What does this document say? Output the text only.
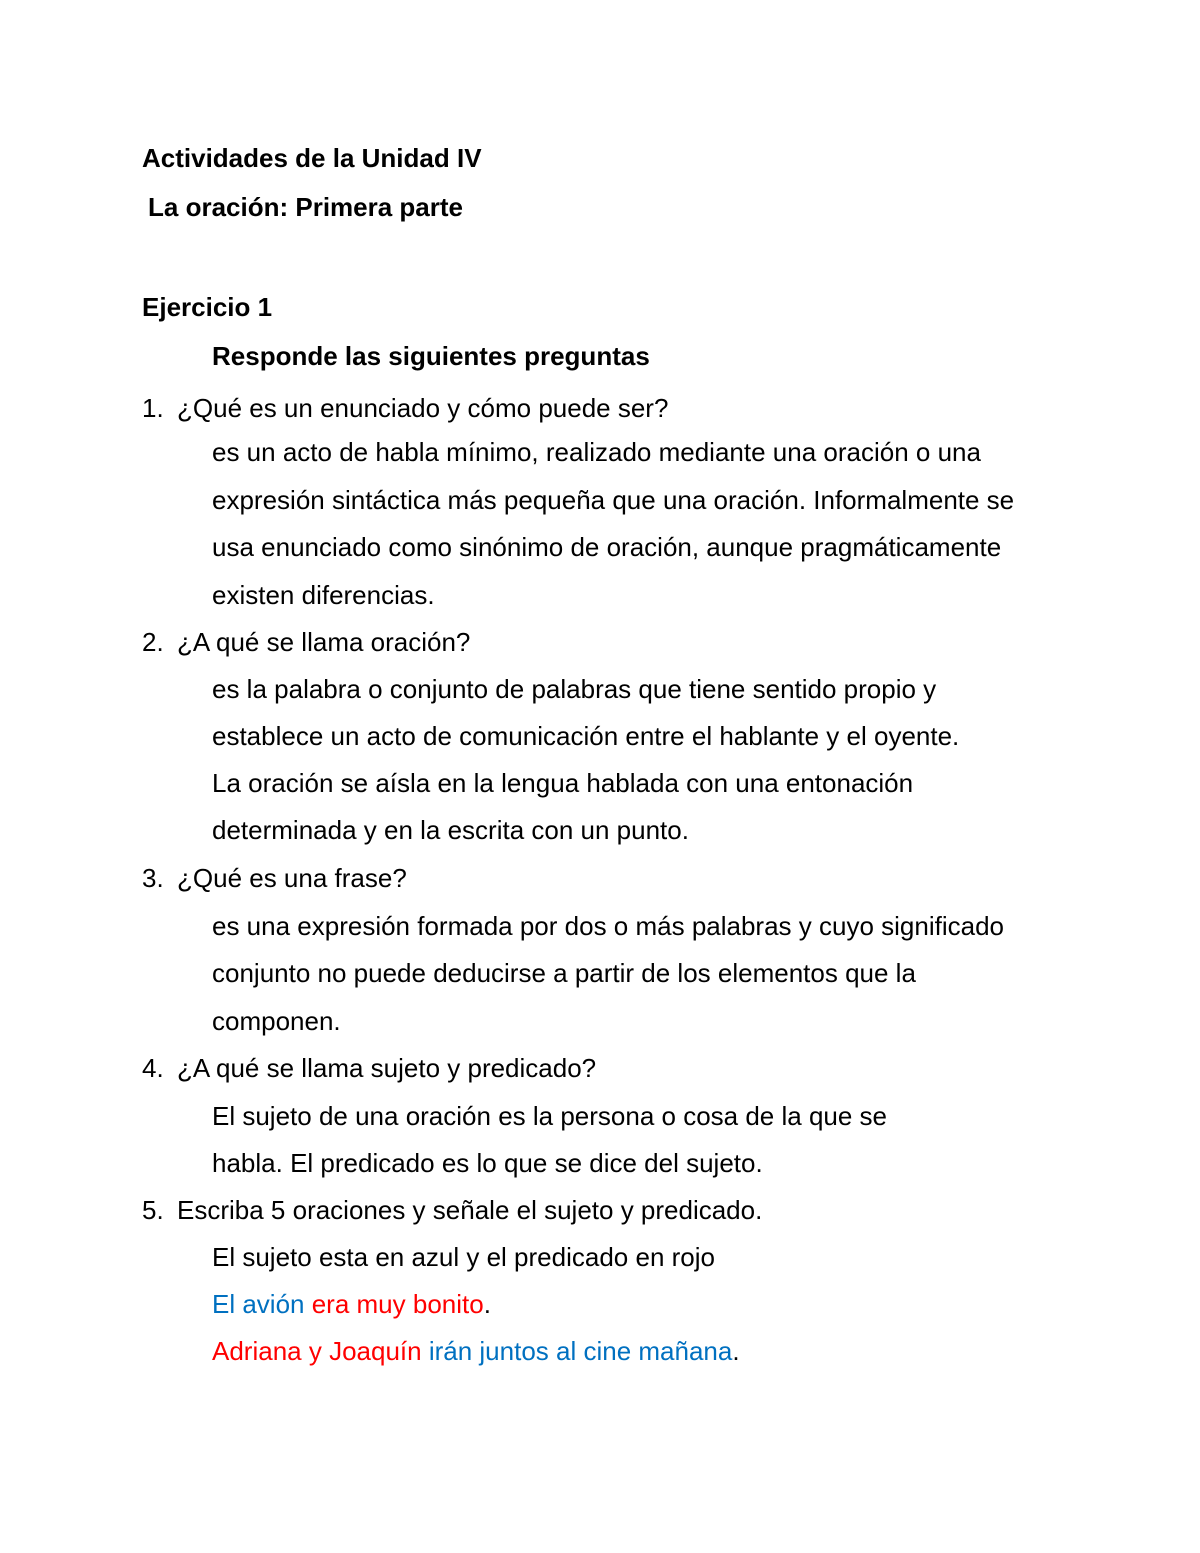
Actividades de la Unidad IV
La oración: Primera parte
Ejercicio 1
Responde las siguientes preguntas
1. ¿Qué es un enunciado y cómo puede ser?
es un acto de habla mínimo, realizado mediante una oración o una
expresión sintáctica más pequeña que una oración. Informalmente se
usa enunciado como sinónimo de oración, aunque pragmáticamente
existen diferencias.
2. ¿A qué se llama oración?
es la palabra o conjunto de palabras que tiene sentido propio y
establece un acto de comunicación entre el hablante y el oyente.
La oración se aísla en la lengua hablada con una entonación
determinada y en la escrita con un punto.
3. ¿Qué es una frase?
es una expresión formada por dos o más palabras y cuyo significado
conjunto no puede deducirse a partir de los elementos que la
componen.
4. ¿A qué se llama sujeto y predicado?
El sujeto de una oración es la persona o cosa de la que se
habla. El predicado es lo que se dice del sujeto.
5. Escriba 5 oraciones y señale el sujeto y predicado.
El sujeto esta en azul y el predicado en rojo
El avión era muy bonito.
Adriana y Joaquín irán juntos al cine mañana.
